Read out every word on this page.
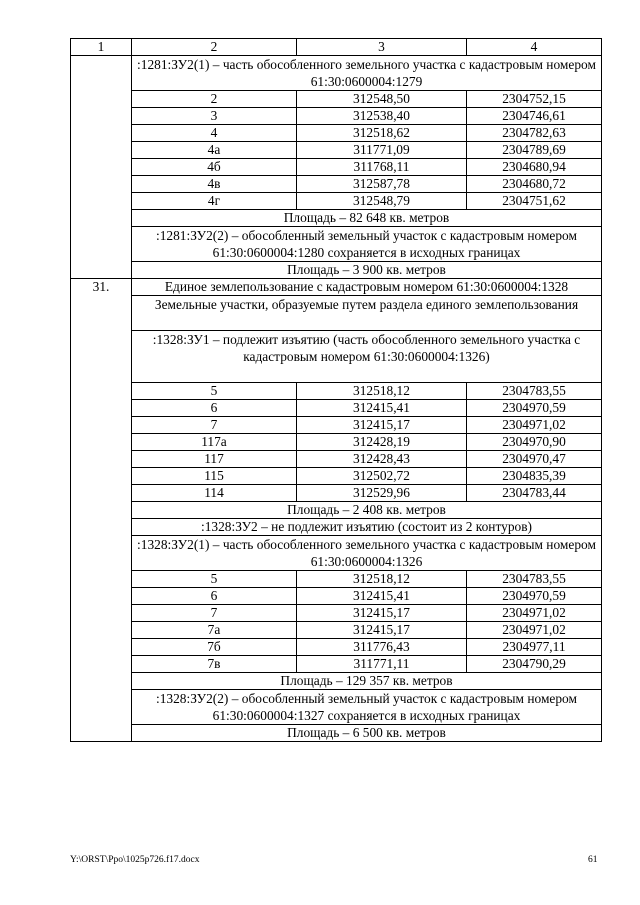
1	2	3	4
	:1281:ЗУ2(1) – часть обособленного земельного участка с кадастровым номером 61:30:0600004:1279		
	2	312548,50	2304752,15
	3	312538,40	2304746,61
	4	312518,62	2304782,63
	4а	311771,09	2304789,69
	4б	311768,11	2304680,94
	4в	312587,78	2304680,72
	4г	312548,79	2304751,62
	Площадь – 82 648 кв. метров		
	:1281:ЗУ2(2) – обособленный земельный участок с кадастровым номером 61:30:0600004:1280 сохраняется в исходных границах		
	Площадь – 3 900 кв. метров		
31.	Единое землепользование с кадастровым номером 61:30:0600004:1328		
	Земельные участки, образуемые путем раздела единого землепользования		
	:1328:ЗУ1 – подлежит изъятию (часть обособленного земельного участка с кадастровым номером 61:30:0600004:1326)		
	5	312518,12	2304783,55
	6	312415,41	2304970,59
	7	312415,17	2304971,02
	117а	312428,19	2304970,90
	117	312428,43	2304970,47
	115	312502,72	2304835,39
	114	312529,96	2304783,44
	Площадь – 2 408 кв. метров		
	:1328:ЗУ2 – не подлежит изъятию (состоит из 2 контуров)		
	:1328:ЗУ2(1) – часть обособленного земельного участка с кадастровым номером 61:30:0600004:1326		
	5	312518,12	2304783,55
	6	312415,41	2304970,59
	7	312415,17	2304971,02
	7а	312415,17	2304971,02
	7б	311776,43	2304977,11
	7в	311771,11	2304790,29
	Площадь – 129 357 кв. метров		
	:1328:ЗУ2(2) – обособленный земельный участок с кадастровым номером 61:30:0600004:1327 сохраняется в исходных границах		
	Площадь – 6 500 кв. метров		
Y:\ORST\Ppo\1025p726.f17.docx	61
